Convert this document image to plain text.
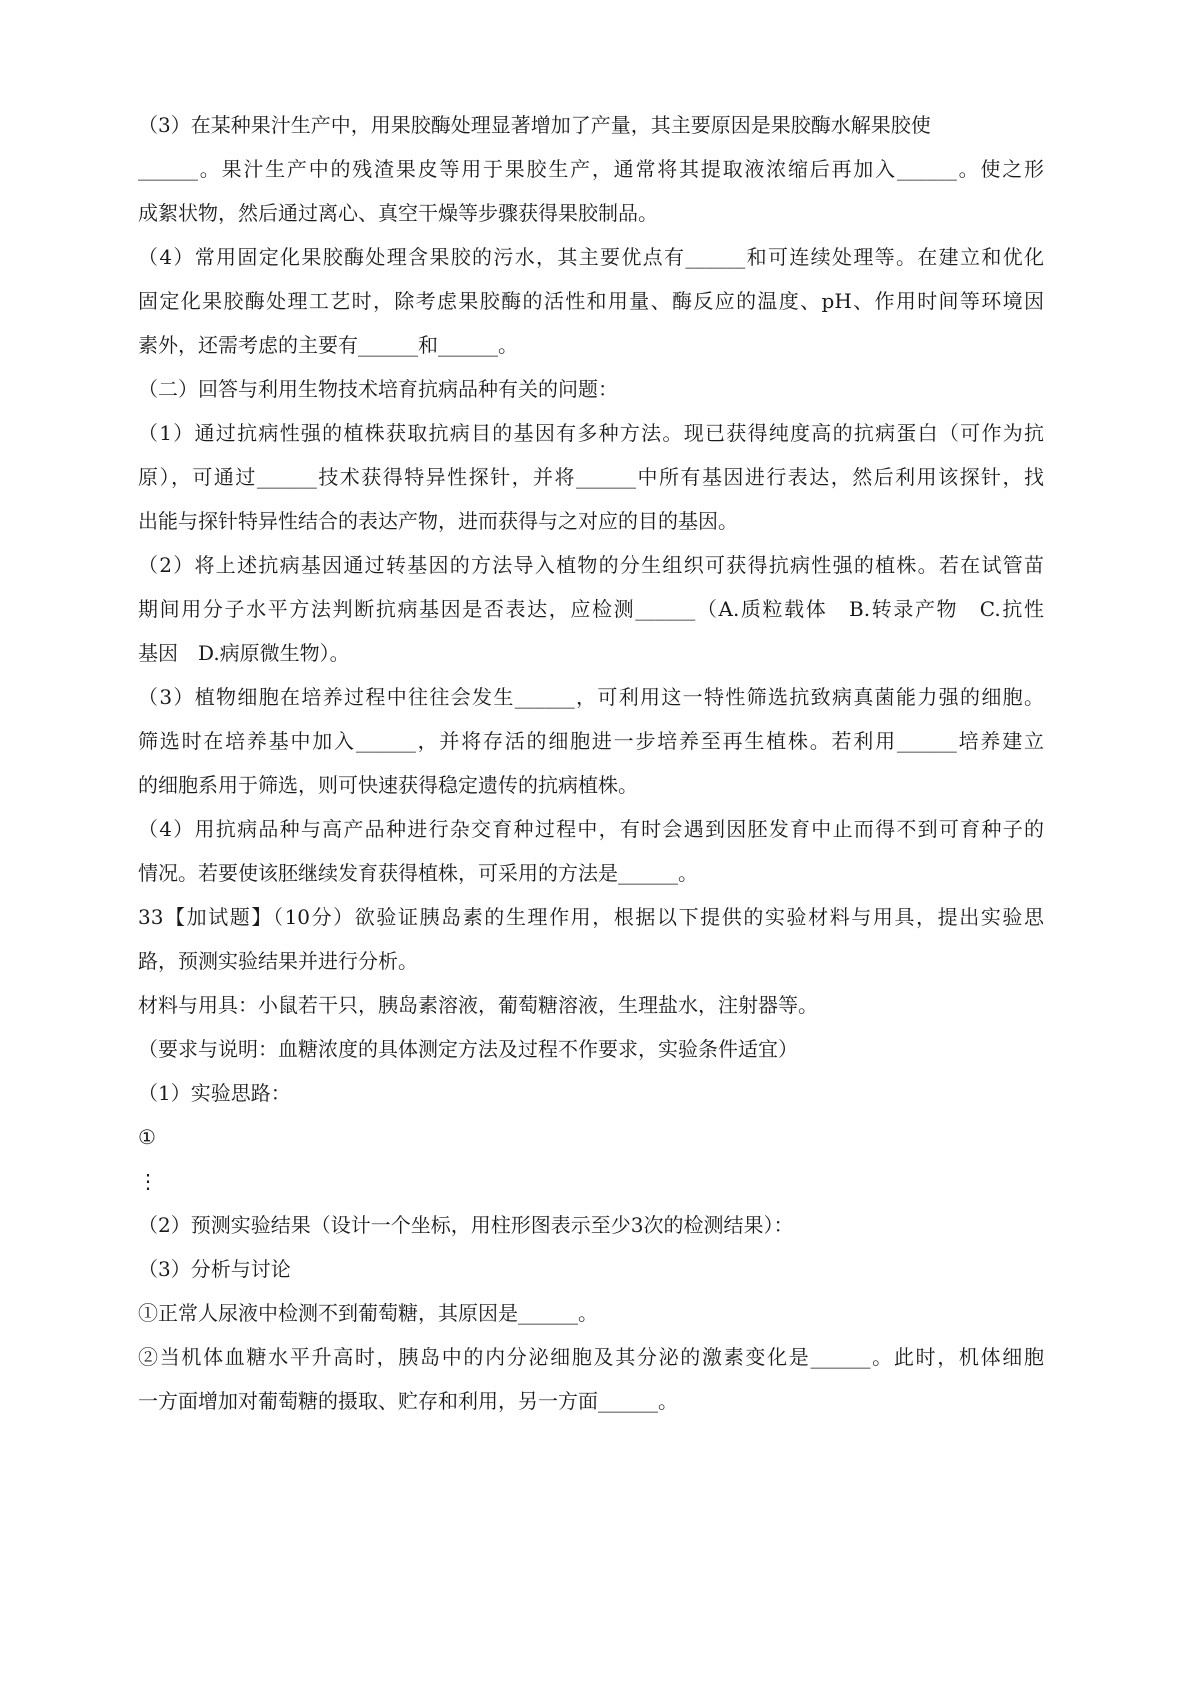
（3）在某种果汁生产中，用果胶酶处理显著增加了产量，其主要原因是果胶酶水解果胶使

______。果汁生产中的残渣果皮等用于果胶生产，通常将其提取液浓缩后再加入______。使之形

成絮状物，然后通过离心、真空干燥等步骤获得果胶制品。

（4）常用固定化果胶酶处理含果胶的污水，其主要优点有______和可连续处理等。在建立和优化

固定化果胶酶处理工艺时，除考虑果胶酶的活性和用量、酶反应的温度、pH、作用时间等环境因

素外，还需考虑的主要有______和______。

（二）回答与利用生物技术培育抗病品种有关的问题：

（1）通过抗病性强的植株获取抗病目的基因有多种方法。现已获得纯度高的抗病蛋白（可作为抗

原），可通过______技术获得特异性探针，并将______中所有基因进行表达，然后利用该探针，找

出能与探针特异性结合的表达产物，进而获得与之对应的目的基因。

（2）将上述抗病基因通过转基因的方法导入植物的分生组织可获得抗病性强的植株。若在试管苗

期间用分子水平方法判断抗病基因是否表达，应检测______（A.质粒载体　B.转录产物　C.抗性

基因　D.病原微生物）。

（3）植物细胞在培养过程中往往会发生______，可利用这一特性筛选抗致病真菌能力强的细胞。

筛选时在培养基中加入______，并将存活的细胞进一步培养至再生植株。若利用______培养建立

的细胞系用于筛选，则可快速获得稳定遗传的抗病植株。

（4）用抗病品种与高产品种进行杂交育种过程中，有时会遇到因胚发育中止而得不到可育种子的

情况。若要使该胚继续发育获得植株，可采用的方法是______。

33【加试题】（10分）欲验证胰岛素的生理作用，根据以下提供的实验材料与用具，提出实验思

路，预测实验结果并进行分析。

材料与用具：小鼠若干只，胰岛素溶液，葡萄糖溶液，生理盐水，注射器等。

（要求与说明：血糖浓度的具体测定方法及过程不作要求，实验条件适宜）

（1）实验思路：

①

⋮

（2）预测实验结果（设计一个坐标，用柱形图表示至少3次的检测结果）：

（3）分析与讨论

①正常人尿液中检测不到葡萄糖，其原因是______。

②当机体血糖水平升高时，胰岛中的内分泌细胞及其分泌的激素变化是______。此时，机体细胞

一方面增加对葡萄糖的摄取、贮存和利用，另一方面______。
